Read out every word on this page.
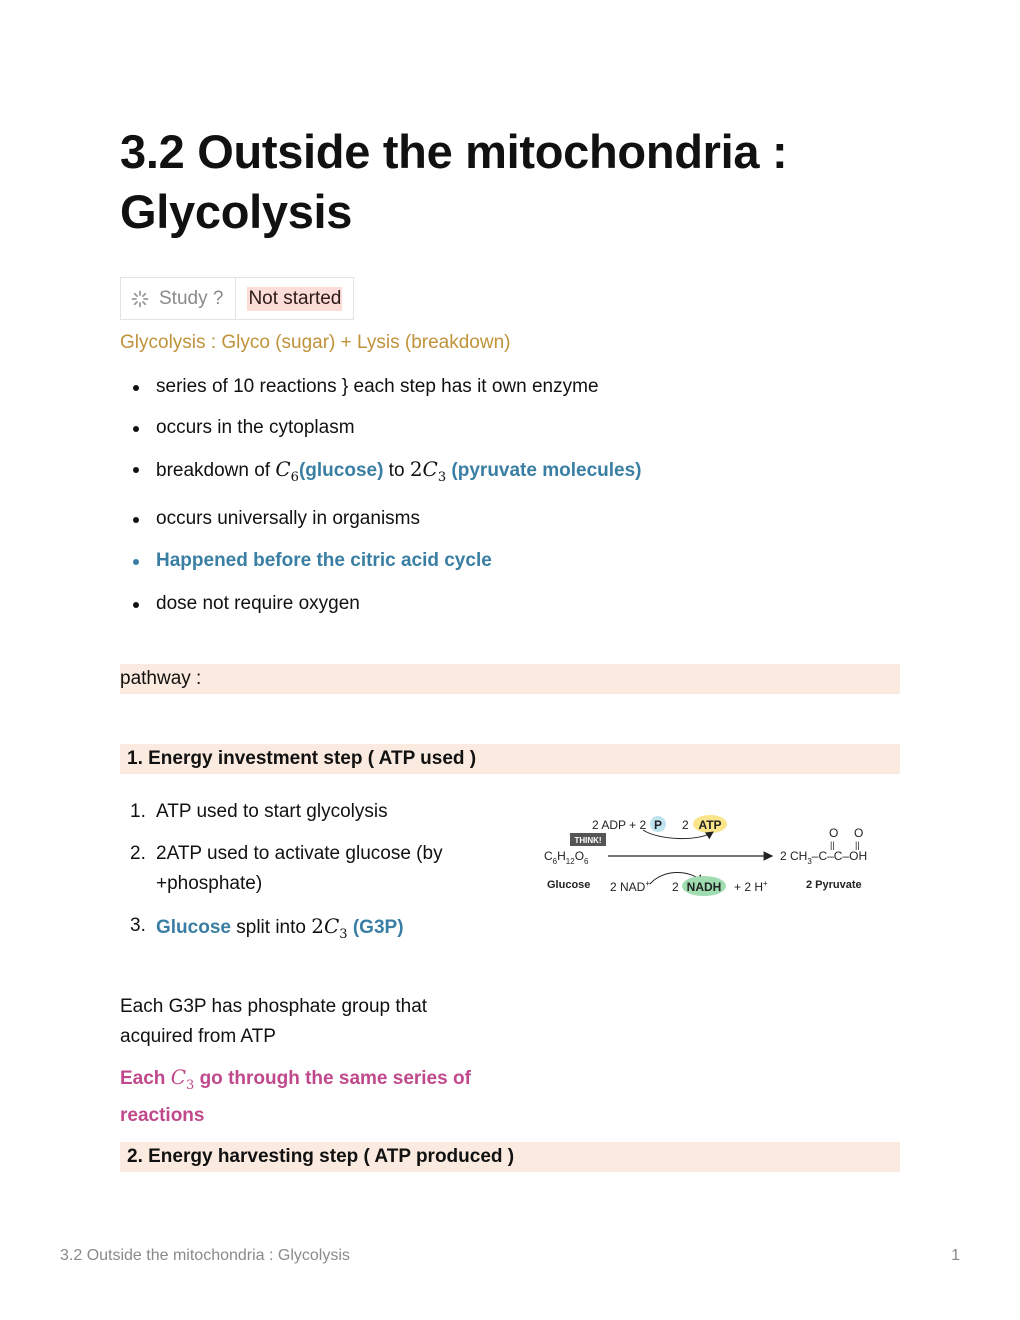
3.2 Outside the mitochondria : Glycolysis
Study ? Not started
Glycolysis : Glyco (sugar) + Lysis (breakdown)
series of 10 reactions } each step has it own enzyme
occurs in the cytoplasm
breakdown of $C_6(glucose)$ to $2C_3$ (pyruvate molecules)
occurs universally in organisms
Happened before the citric acid cycle
dose not require oxygen
pathway :
1. Energy investment step ( ATP used )
1. ATP used to start glycolysis
2. 2ATP used to activate glucose (by +phosphate)
3. Glucose split into $2C_3$ (G3P)
Each G3P has phosphate group that acquired from ATP
Each $C_3$ go through the same series of reactions
2. Energy harvesting step ( ATP produced )
2 ADP + 2 P 2 ATP
THINK!
$C_6H_{12}O_6$
Glucose 2 NAD+ 2 NADH + 2 H+
O O
|| ||
2 $CH_3-C-C-OH$
2 Pyruvate
3.2 Outside the mitochondria : Glycolysis	1
